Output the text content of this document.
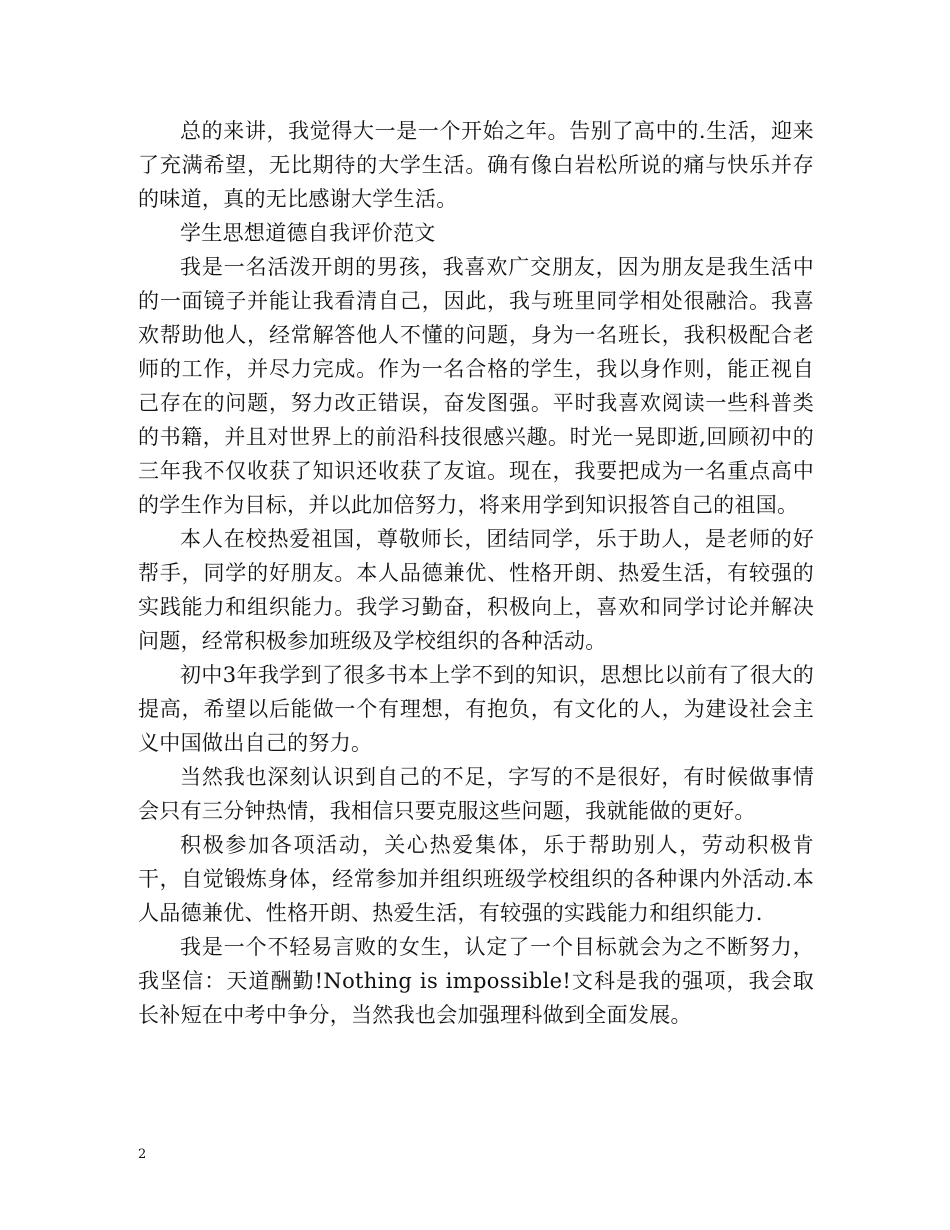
总的来讲，我觉得大一是一个开始之年。告别了高中的.生活，迎来了充满希望，无比期待的大学生活。确有像白岩松所说的痛与快乐并存的味道，真的无比感谢大学生活。

学生思想道德自我评价范文

我是一名活泼开朗的男孩，我喜欢广交朋友，因为朋友是我生活中的一面镜子并能让我看清自己，因此，我与班里同学相处很融洽。我喜欢帮助他人，经常解答他人不懂的问题，身为一名班长，我积极配合老师的工作，并尽力完成。作为一名合格的学生，我以身作则，能正视自己存在的问题，努力改正错误，奋发图强。平时我喜欢阅读一些科普类的书籍，并且对世界上的前沿科技很感兴趣。时光一晃即逝,回顾初中的三年我不仅收获了知识还收获了友谊。现在，我要把成为一名重点高中的学生作为目标，并以此加倍努力，将来用学到知识报答自己的祖国。

本人在校热爱祖国，尊敬师长，团结同学，乐于助人，是老师的好帮手，同学的好朋友。本人品德兼优、性格开朗、热爱生活，有较强的实践能力和组织能力。我学习勤奋，积极向上，喜欢和同学讨论并解决问题，经常积极参加班级及学校组织的各种活动。

初中3年我学到了很多书本上学不到的知识，思想比以前有了很大的提高，希望以后能做一个有理想，有抱负，有文化的人，为建设社会主义中国做出自己的努力。

当然我也深刻认识到自己的不足，字写的不是很好，有时候做事情会只有三分钟热情，我相信只要克服这些问题，我就能做的更好。

积极参加各项活动，关心热爱集体，乐于帮助别人，劳动积极肯干，自觉锻炼身体，经常参加并组织班级学校组织的各种课内外活动.本人品德兼优、性格开朗、热爱生活，有较强的实践能力和组织能力.

我是一个不轻易言败的女生，认定了一个目标就会为之不断努力，我坚信：天道酬勤!Nothing is impossible!文科是我的强项，我会取长补短在中考中争分，当然我也会加强理科做到全面发展。

2
